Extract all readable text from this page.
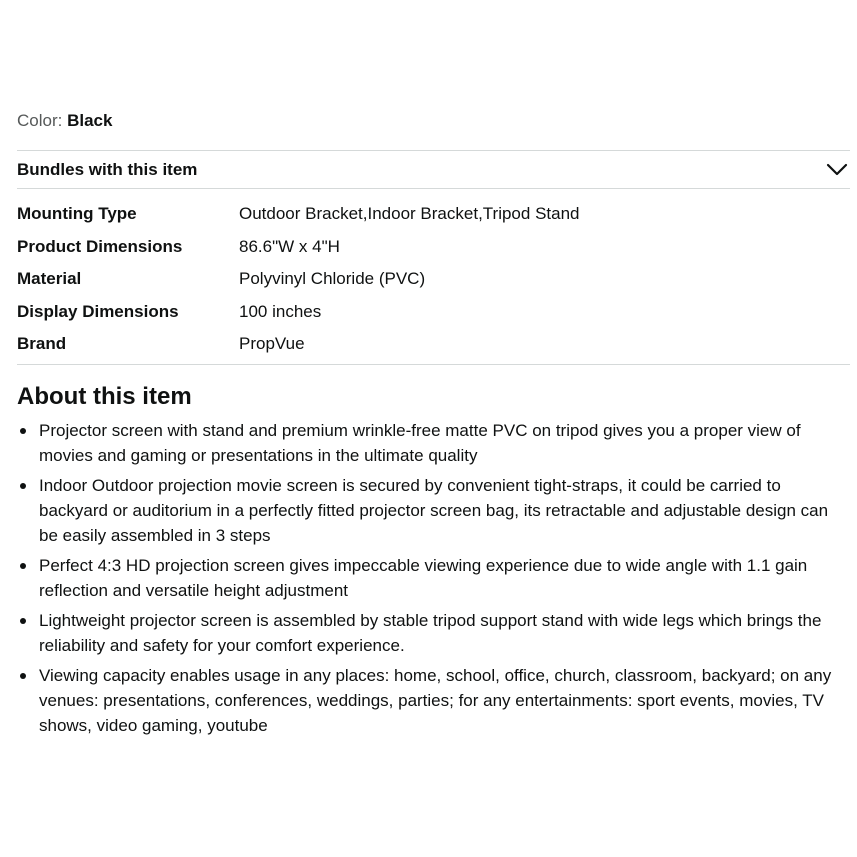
Color: Black
Bundles with this item
Mounting Type	Outdoor Bracket,Indoor Bracket,Tripod Stand
Product Dimensions	86.6"W x 4"H
Material	Polyvinyl Chloride (PVC)
Display Dimensions	100 inches
Brand	PropVue
About this item
Projector screen with stand and premium wrinkle-free matte PVC on tripod gives you a proper view of movies and gaming or presentations in the ultimate quality
Indoor Outdoor projection movie screen is secured by convenient tight-straps, it could be carried to backyard or auditorium in a perfectly fitted projector screen bag, its retractable and adjustable design can be easily assembled in 3 steps
Perfect 4:3 HD projection screen gives impeccable viewing experience due to wide angle with 1.1 gain reflection and versatile height adjustment
Lightweight projector screen is assembled by stable tripod support stand with wide legs which brings the reliability and safety for your comfort experience.
Viewing capacity enables usage in any places: home, school, office, church, classroom, backyard; on any venues: presentations, conferences, weddings, parties; for any entertainments: sport events, movies, TV shows, video gaming, youtube
